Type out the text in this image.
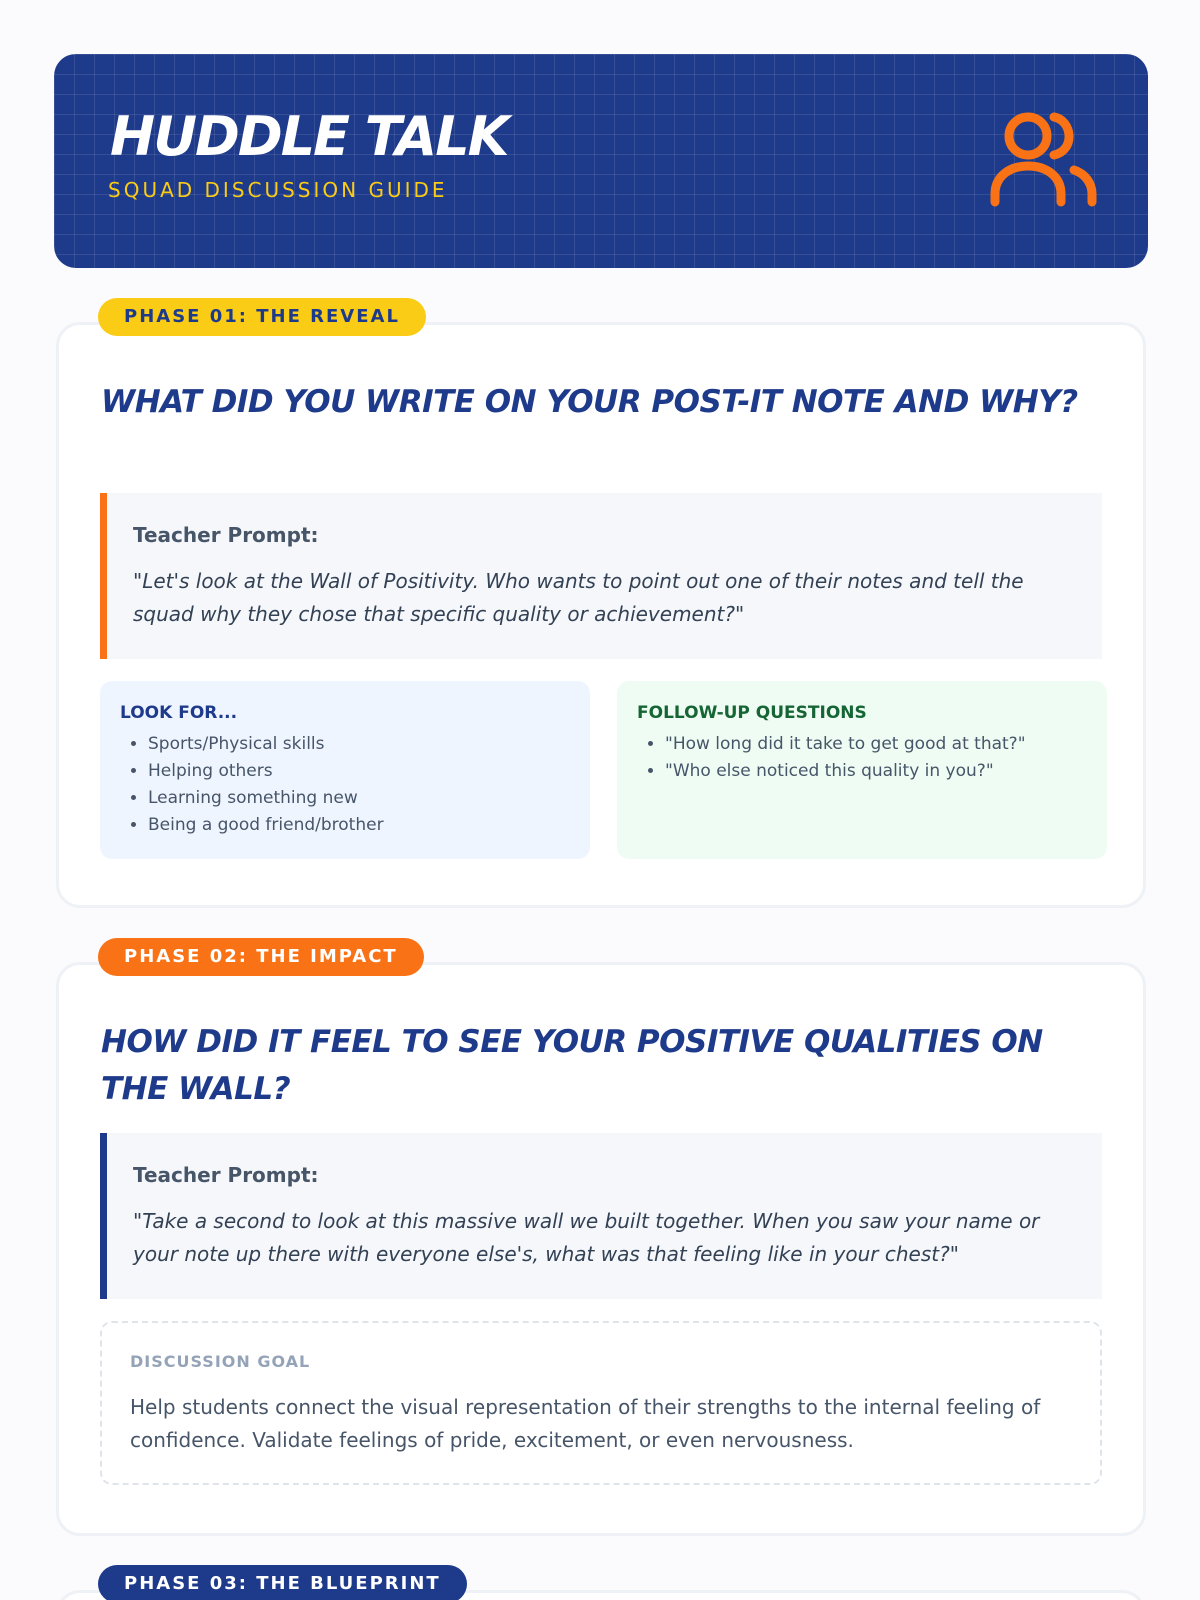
HUDDLE TALK
SQUAD DISCUSSION GUIDE
WHAT DID YOU WRITE ON YOUR POST-IT NOTE AND WHY?
Teacher Prompt:
"Let's look at the Wall of Positivity. Who wants to point out one of their notes and tell the squad why they chose that specific quality or achievement?"
LOOK FOR...
• Sports/Physical skills
• Helping others
• Learning something new
• Being a good friend/brother
FOLLOW-UP QUESTIONS
• "How long did it take to get good at that?"
• "Who else noticed this quality in you?"
PHASE 01: THE REVEAL
HOW DID IT FEEL TO SEE YOUR POSITIVE QUALITIES ON THE WALL?
Teacher Prompt:
"Take a second to look at this massive wall we built together. When you saw your name or your note up there with everyone else's, what was that feeling like in your chest?"
DISCUSSION GOAL
Help students connect the visual representation of their strengths to the internal feeling of confidence. Validate feelings of pride, excitement, or even nervousness.
PHASE 02: THE IMPACT
PHASE 03: THE BLUEPRINT
